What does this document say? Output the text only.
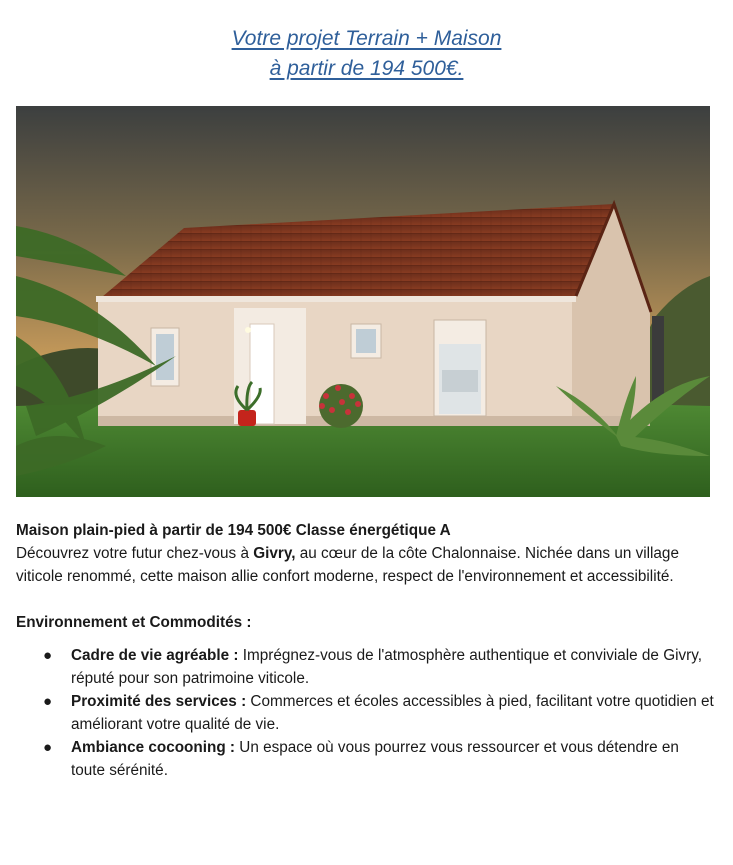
Votre projet Terrain + Maison
à partir de 194 500€.

Maison plain-pied à partir de 194 500€ Classe énergétique A

Découvrez votre futur chez-vous à Givry, au cœur de la côte Chalonnaise. Nichée dans un village viticole renommé, cette maison allie confort moderne, respect de l'environnement et accessibilité.

Environnement et Commodités :

● Cadre de vie agréable : Imprégnez-vous de l'atmosphère authentique et conviviale de Givry, réputé pour son patrimoine viticole.
● Proximité des services : Commerces et écoles accessibles à pied, facilitant votre quotidien et améliorant votre qualité de vie.
● Ambiance cocooning : Un espace où vous pourrez vous ressourcer et vous détendre en toute sérénité.
